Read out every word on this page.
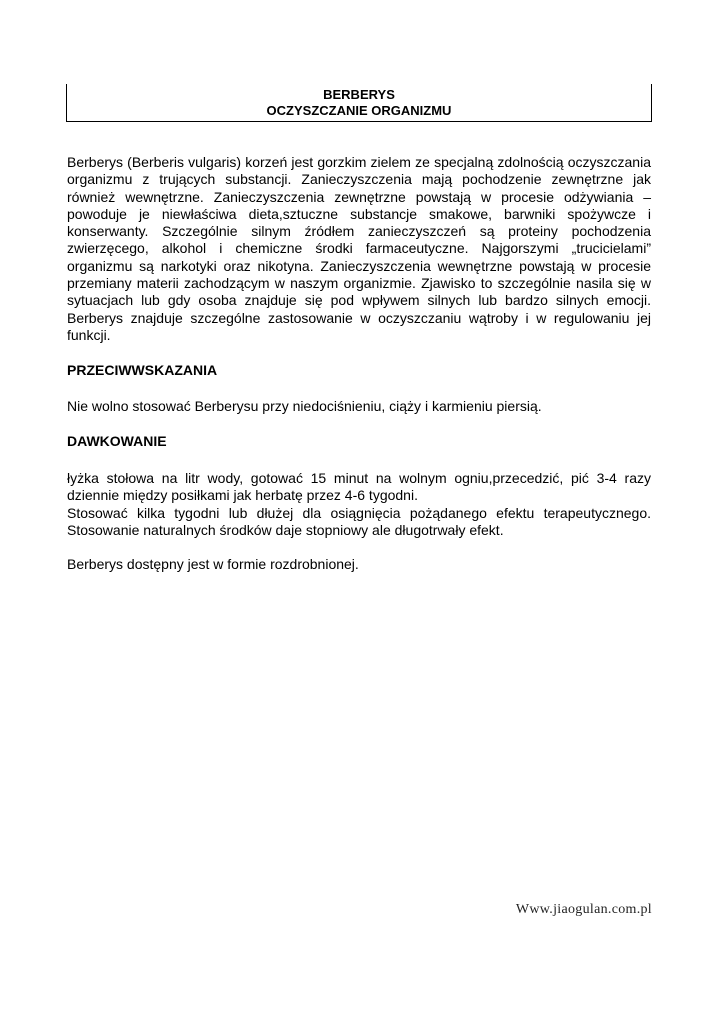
BERBERYS
OCZYSZCZANIE ORGANIZMU

Berberys (Berberis vulgaris) korzeń jest gorzkim zielem ze specjalną zdolnością oczyszczania organizmu z trujących substancji. Zanieczyszczenia mają pochodzenie zewnętrzne jak również wewnętrzne. Zanieczyszczenia zewnętrzne powstają w procesie odżywiania – powoduje je niewłaściwa dieta,sztuczne substancje smakowe, barwniki spożywcze i konserwanty. Szczególnie silnym źródłem zanieczyszczeń są proteiny pochodzenia zwierzęcego, alkohol i chemiczne środki farmaceutyczne. Najgorszymi „trucicielami” organizmu są narkotyki oraz nikotyna. Zanieczyszczenia wewnętrzne powstają w procesie przemiany materii zachodzącym w naszym organizmie. Zjawisko to szczególnie nasila się w sytuacjach lub gdy osoba znajduje się pod wpływem silnych lub bardzo silnych emocji. Berberys znajduje szczególne zastosowanie w oczyszczaniu wątroby i w regulowaniu jej funkcji.

PRZECIWWSKAZANIA

Nie wolno stosować Berberysu przy niedociśnieniu, ciąży i karmieniu piersią.

DAWKOWANIE

łyżka stołowa na litr wody, gotować 15 minut na wolnym ogniu,przecedzić, pić 3-4 razy dziennie między posiłkami jak herbatę przez 4-6 tygodni.

Stosować kilka tygodni lub dłużej dla osiągnięcia pożądanego efektu terapeutycznego. Stosowanie naturalnych środków daje stopniowy ale długotrwały efekt.

Berberys dostępny jest w formie rozdrobnionej.

Www.jiaogulan.com.pl
